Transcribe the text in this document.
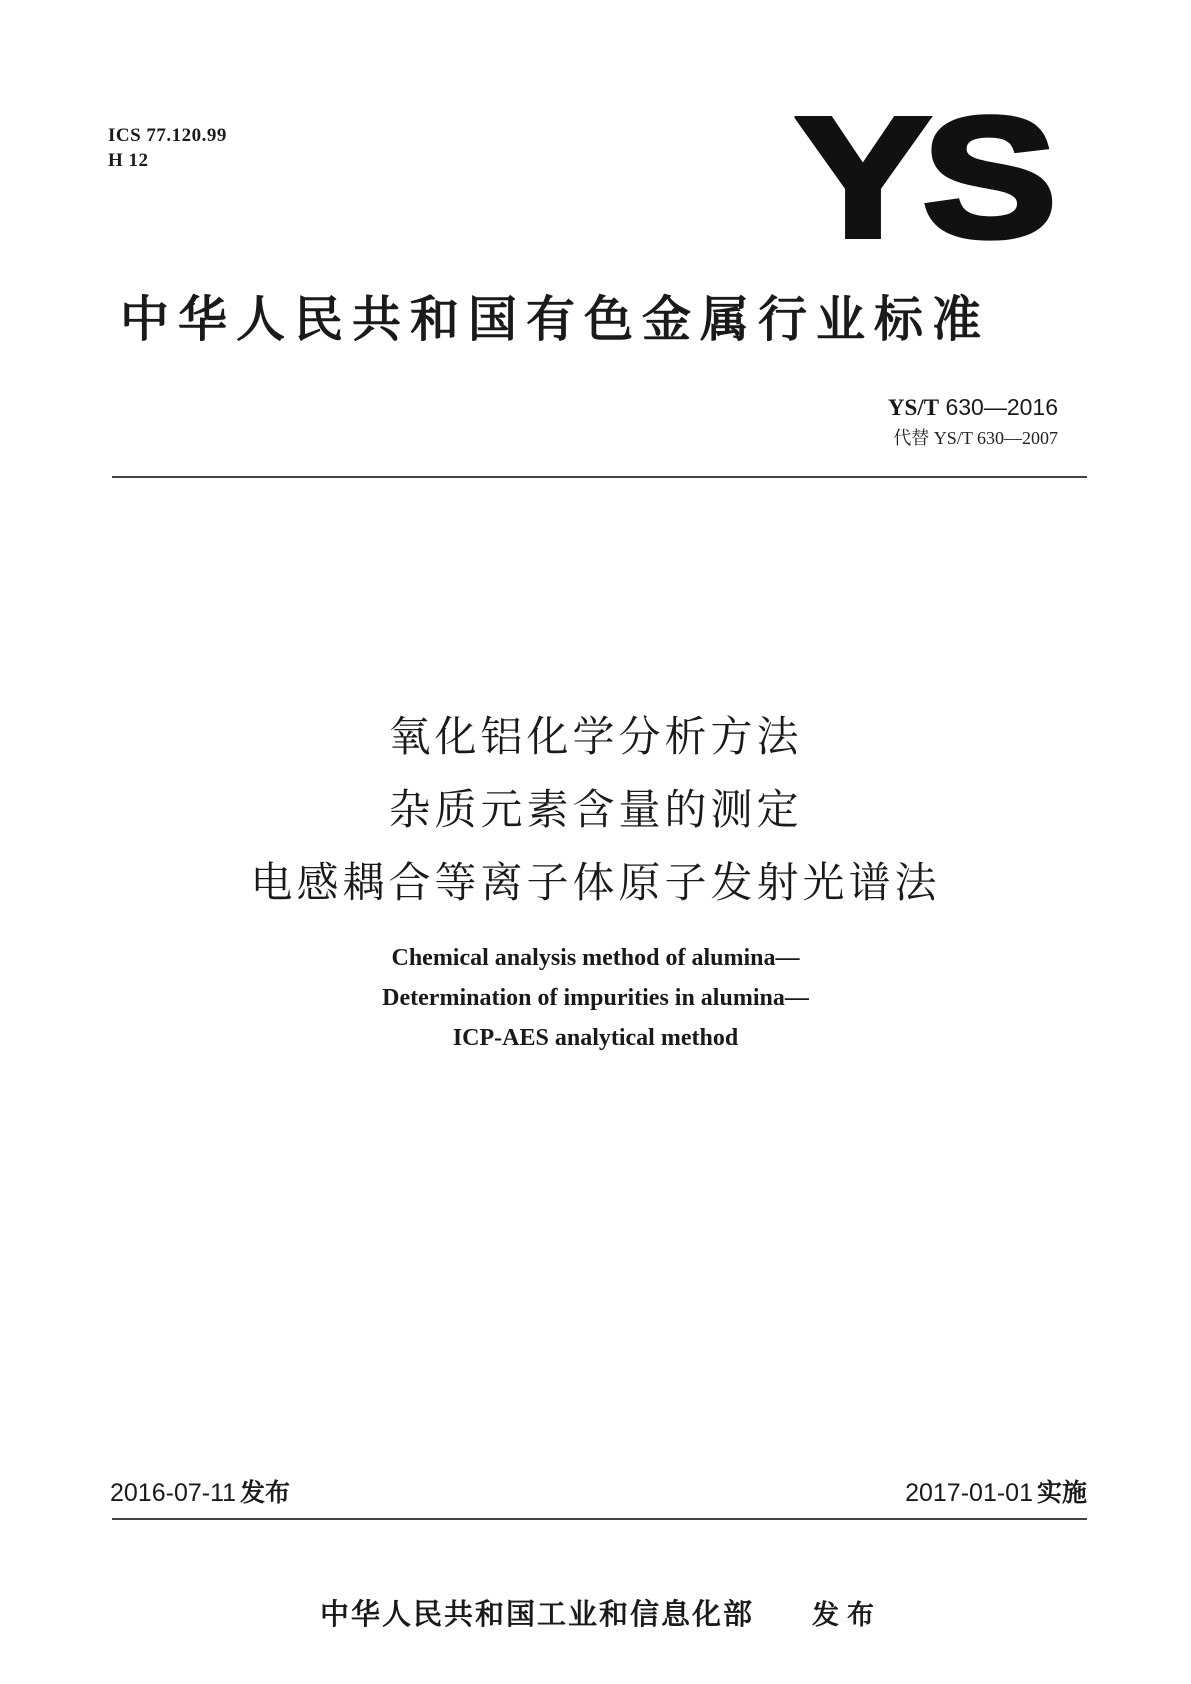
ICS 77.120.99
H 12	YS
中华人民共和国有色金属行业标准
YS/T 630—2016
代替 YS/T 630—2007
氧化铝化学分析方法
杂质元素含量的测定
电感耦合等离子体原子发射光谱法
Chemical analysis method of alumina—
Determination of impurities in alumina—
ICP-AES analytical method
2016-07-11 发布	2017-01-01 实施
中华人民共和国工业和信息化部 发布
